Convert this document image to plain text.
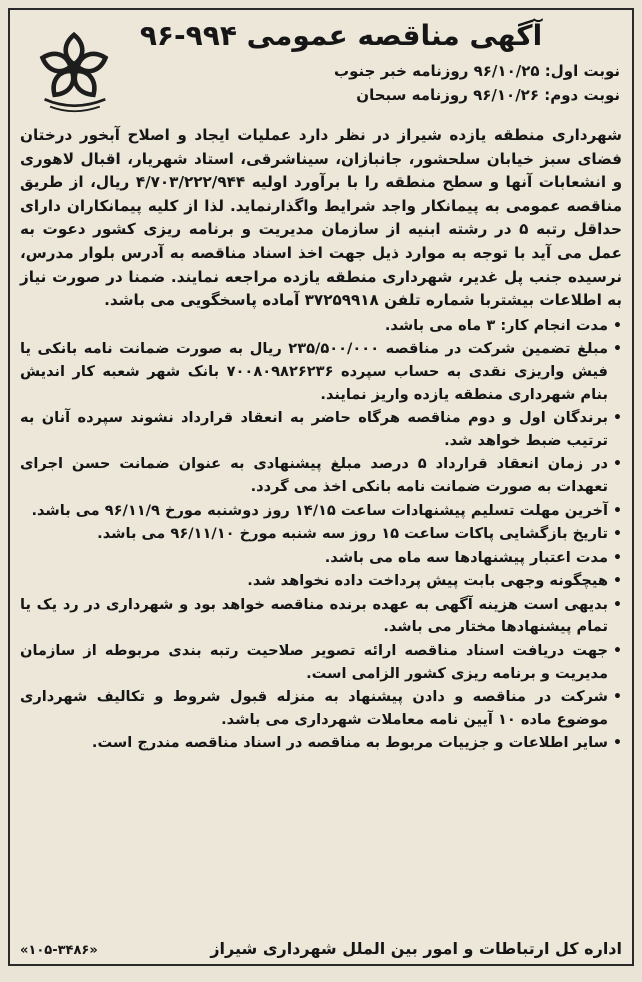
آگهی مناقصه عمومی ۹۹۴-۹۶
نوبت اول: ۹۶/۱۰/۲۵ روزنامه خبر جنوب
نوبت دوم: ۹۶/۱۰/۲۶ روزنامه سبحان

شهرداری منطقه یازده شیراز در نظر دارد عملیات ایجاد و اصلاح آبخور درختان فضای سبز خیابان سلحشور، جانبازان، سیناشرقی، استاد شهریار، اقبال لاهوری و انشعابات آنها و سطح منطقه را با برآورد اولیه ۴/۷۰۳/۲۲۲/۹۴۴ ریال، از طریق مناقصه عمومی به پیمانکار واجد شرایط واگذارنماید. لذا از کلیه پیمانکاران دارای حداقل رتبه ۵ در رشته ابنیه از سازمان مدیریت و برنامه ریزی کشور دعوت به عمل می آید با توجه به موارد ذیل جهت اخذ اسناد مناقصه به آدرس بلوار مدرس، نرسیده جنب پل غدیر، شهرداری منطقه یازده مراجعه نمایند. ضمنا در صورت نیاز به اطلاعات بیشتربا شماره تلفن ۳۷۲۵۹۹۱۸ آماده پاسخگویی می باشد.

•
مدت انجام کار: ۳ ماه می باشد.
•
مبلغ تضمین شرکت در مناقصه ۲۳۵/۵۰۰/۰۰۰ ریال به صورت ضمانت نامه بانکی یا فیش واریزی نقدی به حساب سپرده ۷۰۰۸۰۹۸۲۶۲۳۶ بانک شهر شعبه کار اندیش بنام شهرداری منطقه یازده واریز نمایند.
•
برندگان اول و دوم مناقصه هرگاه حاضر به انعقاد قرارداد نشوند سپرده آنان به ترتیب ضبط خواهد شد.
•
در زمان انعقاد قرارداد ۵ درصد مبلغ پیشنهادی به عنوان ضمانت حسن اجرای تعهدات به صورت ضمانت نامه بانکی اخذ می گردد.
•
آخرین مهلت تسلیم پیشنهادات ساعت ۱۴/۱۵ روز دوشنبه مورخ ۹۶/۱۱/۹ می باشد.
•
تاریخ بازگشایی پاکات ساعت ۱۵ روز سه شنبه مورخ ۹۶/۱۱/۱۰ می باشد.
•
مدت اعتبار پیشنهادها سه ماه می باشد.
•
هیچگونه وجهی بابت پیش پرداخت داده نخواهد شد.
•
بدیهی است هزینه آگهی به عهده برنده مناقصه خواهد بود و شهرداری در رد یک یا تمام پیشنهادها مختار می باشد.
•
جهت دریافت اسناد مناقصه ارائه تصویر صلاحیت رتبه بندی مربوطه از سازمان مدیریت و برنامه ریزی کشور الزامی است.
•
شرکت در مناقصه و دادن پیشنهاد به منزله قبول شروط و تکالیف شهرداری موضوع ماده ۱۰ آیین نامه معاملات شهرداری می باشد.
•
سایر اطلاعات و جزییات مربوط به مناقصه در اسناد مناقصه مندرج است.
اداره کل ارتباطات و امور بین الملل شهرداری شیراز
«۱۰۵-۳۴۸۶»
